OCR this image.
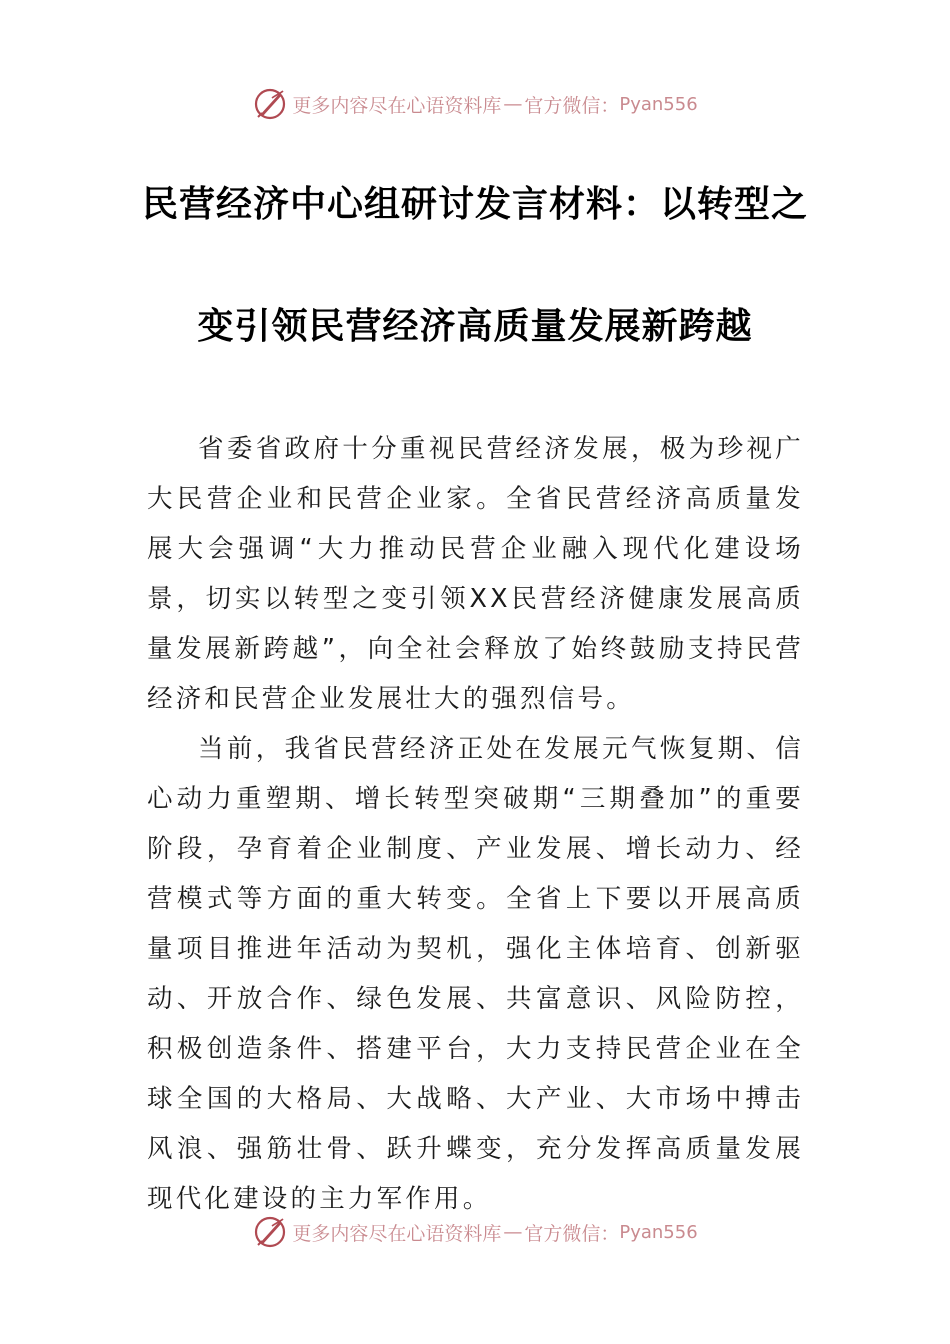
更多内容尽在心语资料库 — 官方微信： Pyan556
民营经济中心组研讨发言材料：以转型之
变引领民营经济高质量发展新跨越

省委省政府十分重视民营经济发展，极为珍视广大民营企业和民营企业家。全省民营经济高质量发展大会强调“大力推动民营企业融入现代化建设场景，切实以转型之变引领XX民营经济健康发展高质量发展新跨越”，向全社会释放了始终鼓励支持民营经济和民营企业发展壮大的强烈信号。

当前，我省民营经济正处在发展元气恢复期、信心动力重塑期、增长转型突破期“三期叠加”的重要阶段，孕育着企业制度、产业发展、增长动力、经营模式等方面的重大转变。全省上下要以开展高质量项目推进年活动为契机，强化主体培育、创新驱动、开放合作、绿色发展、共富意识、风险防控，积极创造条件、搭建平台，大力支持民营企业在全球全国的大格局、大战略、大产业、大市场中搏击风浪、强筋壮骨、跃升蝶变，充分发挥高质量发展现代化建设的主力军作用。

更多内容尽在心语资料库 — 官方微信： Pyan556
